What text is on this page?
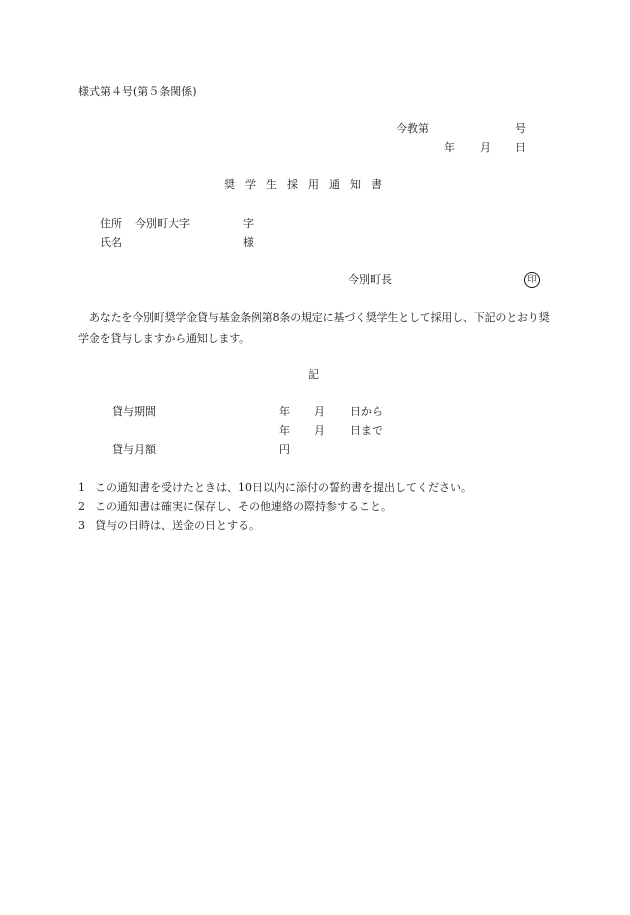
様式第４号(第５条関係)
今教第	号
年 月 日
奨学生採用通知書
住所 今別町大字	字
氏名	様
今別町長	印
あなたを今別町奨学金貸与基金条例第8条の規定に基づく奨学生として採用し、下記のとおり奨学金を貸与しますから通知します。
記
貸与期間	年 月 日から
年 月 日まで
貸与月額	円
1 この通知書を受けたときは、10日以内に添付の誓約書を提出してください。
2 この通知書は確実に保存し、その他連絡の際持参すること。
3 貸与の日時は、送金の日とする。
